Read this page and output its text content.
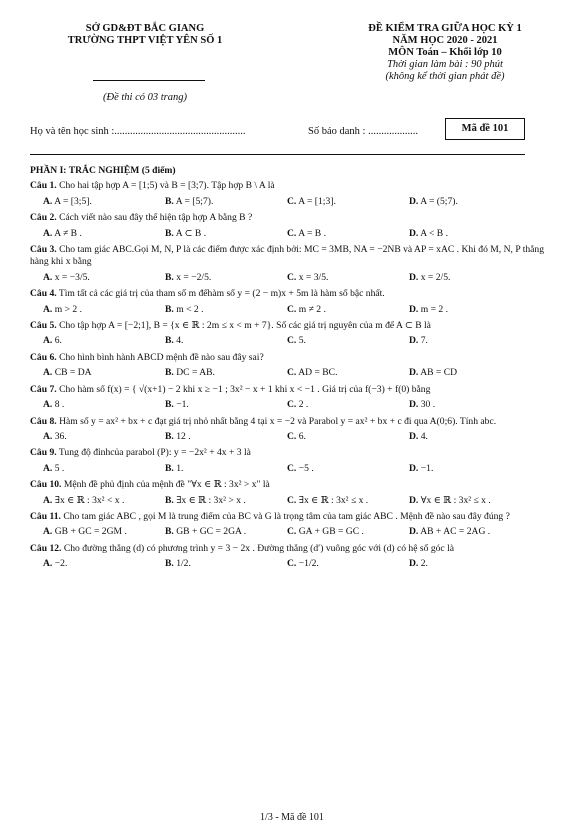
SỞ GD&ĐT BẮC GIANG
TRƯỜNG THPT VIỆT YÊN SỐ 1
(Đề thi có 03 trang)
ĐỀ KIỂM TRA GIỮA HỌC KỲ 1
NĂM HỌC 2020 - 2021
MÔN Toán – Khối lớp 10
Thời gian làm bài : 90 phút
(không kể thời gian phát đề)
Họ và tên học sinh :..................................................	Số báo danh : ...................	Mã đề 101
PHẦN I: TRẮC NGHIỆM (5 điểm)
Câu 1. Cho hai tập hợp A = [1;5) và B = [3;7). Tập hợp B \ A là
A. A = [3;5].	B. A = [5;7).	C. A = [1;3].	D. A = (5;7).
Câu 2. Cách viết nào sau đây thể hiện tập hợp A bằng B ?
A. A ≠ B .	B. A ⊂ B .	C. A = B .	D. A < B .
Câu 3. Cho tam giác ABC.Gọi M, N, P là các điểm được xác định bởi: MC = 3MB, NA = −2NB và AP = xAC . Khi đó M, N, P thẳng hàng khi x bằng
A. x = −3/5.	B. x = −2/5.	C. x = 3/5.	D. x = 2/5.
Câu 4. Tìm tất cả các giá trị của tham số m đểhàm số y = (2 − m)x + 5m là hàm số bậc nhất.
A. m > 2 .	B. m < 2 .	C. m ≠ 2 .	D. m = 2 .
Câu 5. Cho tập hợp A = [−2;1], B = {x ∈ ℝ : 2m ≤ x < m + 7}. Số các giá trị nguyên của m để A ⊂ B là
A. 6.	B. 4.	C. 5.	D. 7.
Câu 6. Cho hình bình hành ABCD mệnh đề nào sau đây sai?
A. CB = DA	B. DC = AB.	C. AD = BC.	D. AB = CD
Câu 7. Cho hàm số f(x) = { √(x+1) − 2 khi x ≥ −1 ; 3x² − x + 1 khi x < −1 . Giá trị của f(−3) + f(0) bằng
A. 8 .	B. −1.	C. 2 .	D. 30 .
Câu 8. Hàm số y = ax² + bx + c đạt giá trị nhỏ nhất bằng 4 tại x = −2 và Parabol y = ax² + bx + c đi qua A(0;6). Tính abc.
A. 36.	B. 12 .	C. 6.	D. 4.
Câu 9. Tung độ đỉnhcủa parabol (P): y = −2x² + 4x + 3 là
A. 5 .	B. 1.	C. −5 .	D. −1.
Câu 10. Mệnh đề phủ định của mệnh đề "∀x ∈ ℝ : 3x² > x" là
A. ∃x ∈ ℝ : 3x² < x .	B. ∃x ∈ ℝ : 3x² > x .	C. ∃x ∈ ℝ : 3x² ≤ x .	D. ∀x ∈ ℝ : 3x² ≤ x .
Câu 11. Cho tam giác ABC , gọi M là trung điểm của BC và G là trọng tâm của tam giác ABC . Mệnh đề nào sau đây đúng ?
A. GB + GC = 2GM .	B. GB + GC = 2GA .	C. GA + GB = GC .	D. AB + AC = 2AG .
Câu 12. Cho đường thẳng (d) có phương trình y = 3 − 2x . Đường thẳng (d′) vuông góc với (d) có hệ số góc là
A. −2.	B. 1/2.	C. −1/2.	D. 2.
1/3 - Mã đề 101
